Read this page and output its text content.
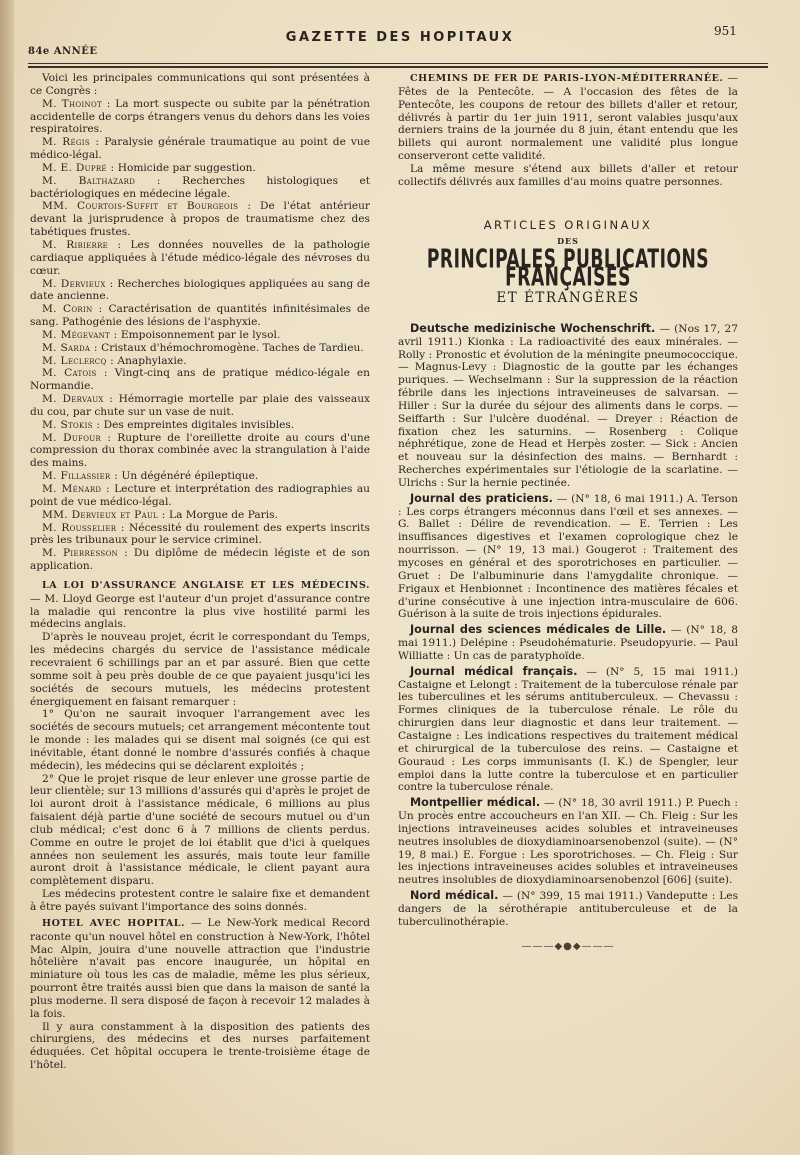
84e ANNÉE
GAZETTE DES HOPITAUX	951

Voici les principales communications qui sont présentées à ce Congrès :

M. Thoinot : La mort suspecte ou subite par la pénétration accidentelle de corps étrangers venus du dehors dans les voies respiratoires.

M. Régis : Paralysie générale traumatique au point de vue médico-légal.

M. E. Dupré : Homicide par suggestion.

M. Balthazard : Recherches histologiques et bactériologiques en médecine légale.

MM. Courtois-Suffit et Bourgeois : De l'état antérieur devant la jurisprudence à propos de traumatisme chez des tabétiques frustes.

M. Ribierre : Les données nouvelles de la pathologie cardiaque appliquées à l'étude médico-légale des névroses du cœur.

M. Dervieux : Recherches biologiques appliquées au sang de date ancienne.

M. Corin : Caractérisation de quantités infinitésimales de sang. Pathogénie des lésions de l'asphyxie.

M. Mégevant : Empoisonnement par le lysol.

M. Sarda : Cristaux d'hémochromogène. Taches de Tardieu.

M. Leclercq : Anaphylaxie.

M. Catois : Vingt-cinq ans de pratique médico-légale en Normandie.

M. Dervaux : Hémorragie mortelle par plaie des vaisseaux du cou, par chute sur un vase de nuit.

M. Stokis : Des empreintes digitales invisibles.

M. Dufour : Rupture de l'oreillette droite au cours d'une compression du thorax combinée avec la strangulation à l'aide des mains.

M. Fillassier : Un dégénéré épileptique.

M. Ménard : Lecture et interprétation des radiographies au point de vue médico-légal.

MM. Dervieux et Paul : La Morgue de Paris.

M. Rousselier : Nécessité du roulement des experts inscrits près les tribunaux pour le service criminel.

M. Pierresson : Du diplôme de médecin légiste et de son application.

LA LOI D'ASSURANCE ANGLAISE ET LES MÉDECINS. — M. Lloyd George est l'auteur d'un projet d'assurance contre la maladie qui rencontre la plus vive hostilité parmi les médecins anglais.

D'après le nouveau projet, écrit le correspondant du Temps, les médecins chargés du service de l'assistance médicale recevraient 6 schillings par an et par assuré. Bien que cette somme soit à peu près double de ce que payaient jusqu'ici les sociétés de secours mutuels, les médecins protestent énergiquement en faisant remarquer :

1° Qu'on ne saurait invoquer l'arrangement avec les sociétés de secours mutuels; cet arrangement mécontente tout le monde : les malades qui se disent mal soignés (ce qui est inévitable, étant donné le nombre d'assurés confiés à chaque médecin), les médecins qui se déclarent exploités ;

2° Que le projet risque de leur enlever une grosse partie de leur clientèle; sur 13 millions d'assurés qui d'après le projet de loi auront droit à l'assistance médicale, 6 millions au plus faisaient déjà partie d'une société de secours mutuel ou d'un club médical; c'est donc 6 à 7 millions de clients perdus. Comme en outre le projet de loi établit que d'ici à quelques années non seulement les assurés, mais toute leur famille auront droit à l'assistance médicale, le client payant aura complètement disparu.

Les médecins protestent contre le salaire fixe et demandent à être payés suivant l'importance des soins donnés.

HOTEL AVEC HOPITAL. — Le New-York medical Record raconte qu'un nouvel hôtel en construction à New-York, l'hôtel Mac Alpin, jouira d'une nouvelle attraction que l'industrie hôtelière n'avait pas encore inaugurée, un hôpital en miniature où tous les cas de maladie, même les plus sérieux, pourront être traités aussi bien que dans la maison de santé la plus moderne. Il sera disposé de façon à recevoir 12 malades à la fois.

Il y aura constamment à la disposition des patients des chirurgiens, des médecins et des nurses parfaitement éduquées. Cet hôpital occupera le trente-troisième étage de l'hôtel.

CHEMINS DE FER DE PARIS-LYON-MÉDITERRANÉE. — Fêtes de la Pentecôte. — A l'occasion des fêtes de la Pentecôte, les coupons de retour des billets d'aller et retour, délivrés à partir du 1er juin 1911, seront valables jusqu'aux derniers trains de la journée du 8 juin, étant entendu que les billets qui auront normalement une validité plus longue conserveront cette validité.

La même mesure s'étend aux billets d'aller et retour collectifs délivrés aux familles d'au moins quatre personnes.

ARTICLES ORIGINAUX
DES
PRINCIPALES PUBLICATIONS FRANÇAISES
ET ÉTRANGÈRES

Deutsche medizinische Wochenschrift. — (Nos 17, 27 avril 1911.) Kionka : La radioactivité des eaux minérales. — Rolly : Pronostic et évolution de la méningite pneumococcique. — Magnus-Levy : Diagnostic de la goutte par les échanges puriques. — Wechselmann : Sur la suppression de la réaction fébrile dans les injections intraveineuses de salvarsan. — Hiller : Sur la durée du séjour des aliments dans le corps. — Seiffarth : Sur l'ulcère duodénal. — Dreyer : Réaction de fixation chez les saturnins. — Rosenberg : Colique néphrétique, zone de Head et Herpès zoster. — Sick : Ancien et nouveau sur la désinfection des mains. — Bernhardt : Recherches expérimentales sur l'étiologie de la scarlatine. — Ulrichs : Sur la hernie pectinée.

Journal des praticiens. — (N° 18, 6 mai 1911.) A. Terson : Les corps étrangers méconnus dans l'œil et ses annexes. — G. Ballet : Délire de revendication. — E. Terrien : Les insuffisances digestives et l'examen coprologique chez le nourrisson. — (N° 19, 13 mai.) Gougerot : Traitement des mycoses en général et des sporotrichoses en particulier. — Gruet : De l'albuminurie dans l'amygdalite chronique. — Frigaux et Henbionnet : Incontinence des matières fécales et d'urine consécutive à une injection intra-musculaire de 606. Guérison à la suite de trois injections épidurales.

Journal des sciences médicales de Lille. — (N° 18, 8 mai 1911.) Delépine : Pseudohématurie. Pseudopyurie. — Paul Williatte : Un cas de paratyphoïde.

Journal médical français. — (N° 5, 15 mai 1911.) Castaigne et Lelongt : Traitement de la tuberculose rénale par les tuberculines et les sérums antituberculeux. — Chevassu : Formes cliniques de la tuberculose rénale. Le rôle du chirurgien dans leur diagnostic et dans leur traitement. — Castaigne : Les indications respectives du traitement médical et chirurgical de la tuberculose des reins. — Castaigne et Gouraud : Les corps immunisants (I. K.) de Spengler, leur emploi dans la lutte contre la tuberculose et en particulier contre la tuberculose rénale.

Montpellier médical. — (N° 18, 30 avril 1911.) P. Puech : Un procès entre accoucheurs en l'an XII. — Ch. Fleig : Sur les injections intraveineuses acides solubles et intraveineuses neutres insolubles de dioxydiaminoarsenobenzol (suite). — (N° 19, 8 mai.) E. Forgue : Les sporotrichoses. — Ch. Fleig : Sur les injections intraveineuses acides solubles et intraveineuses neutres insolubles de dioxydiaminoarsenobenzol [606] (suite).

Nord médical. — (N° 399, 15 mai 1911.) Vandeputte : Les dangers de la sérothérapie antituberculeuse et de la tuberculinothérapie.

———◆●◆———
